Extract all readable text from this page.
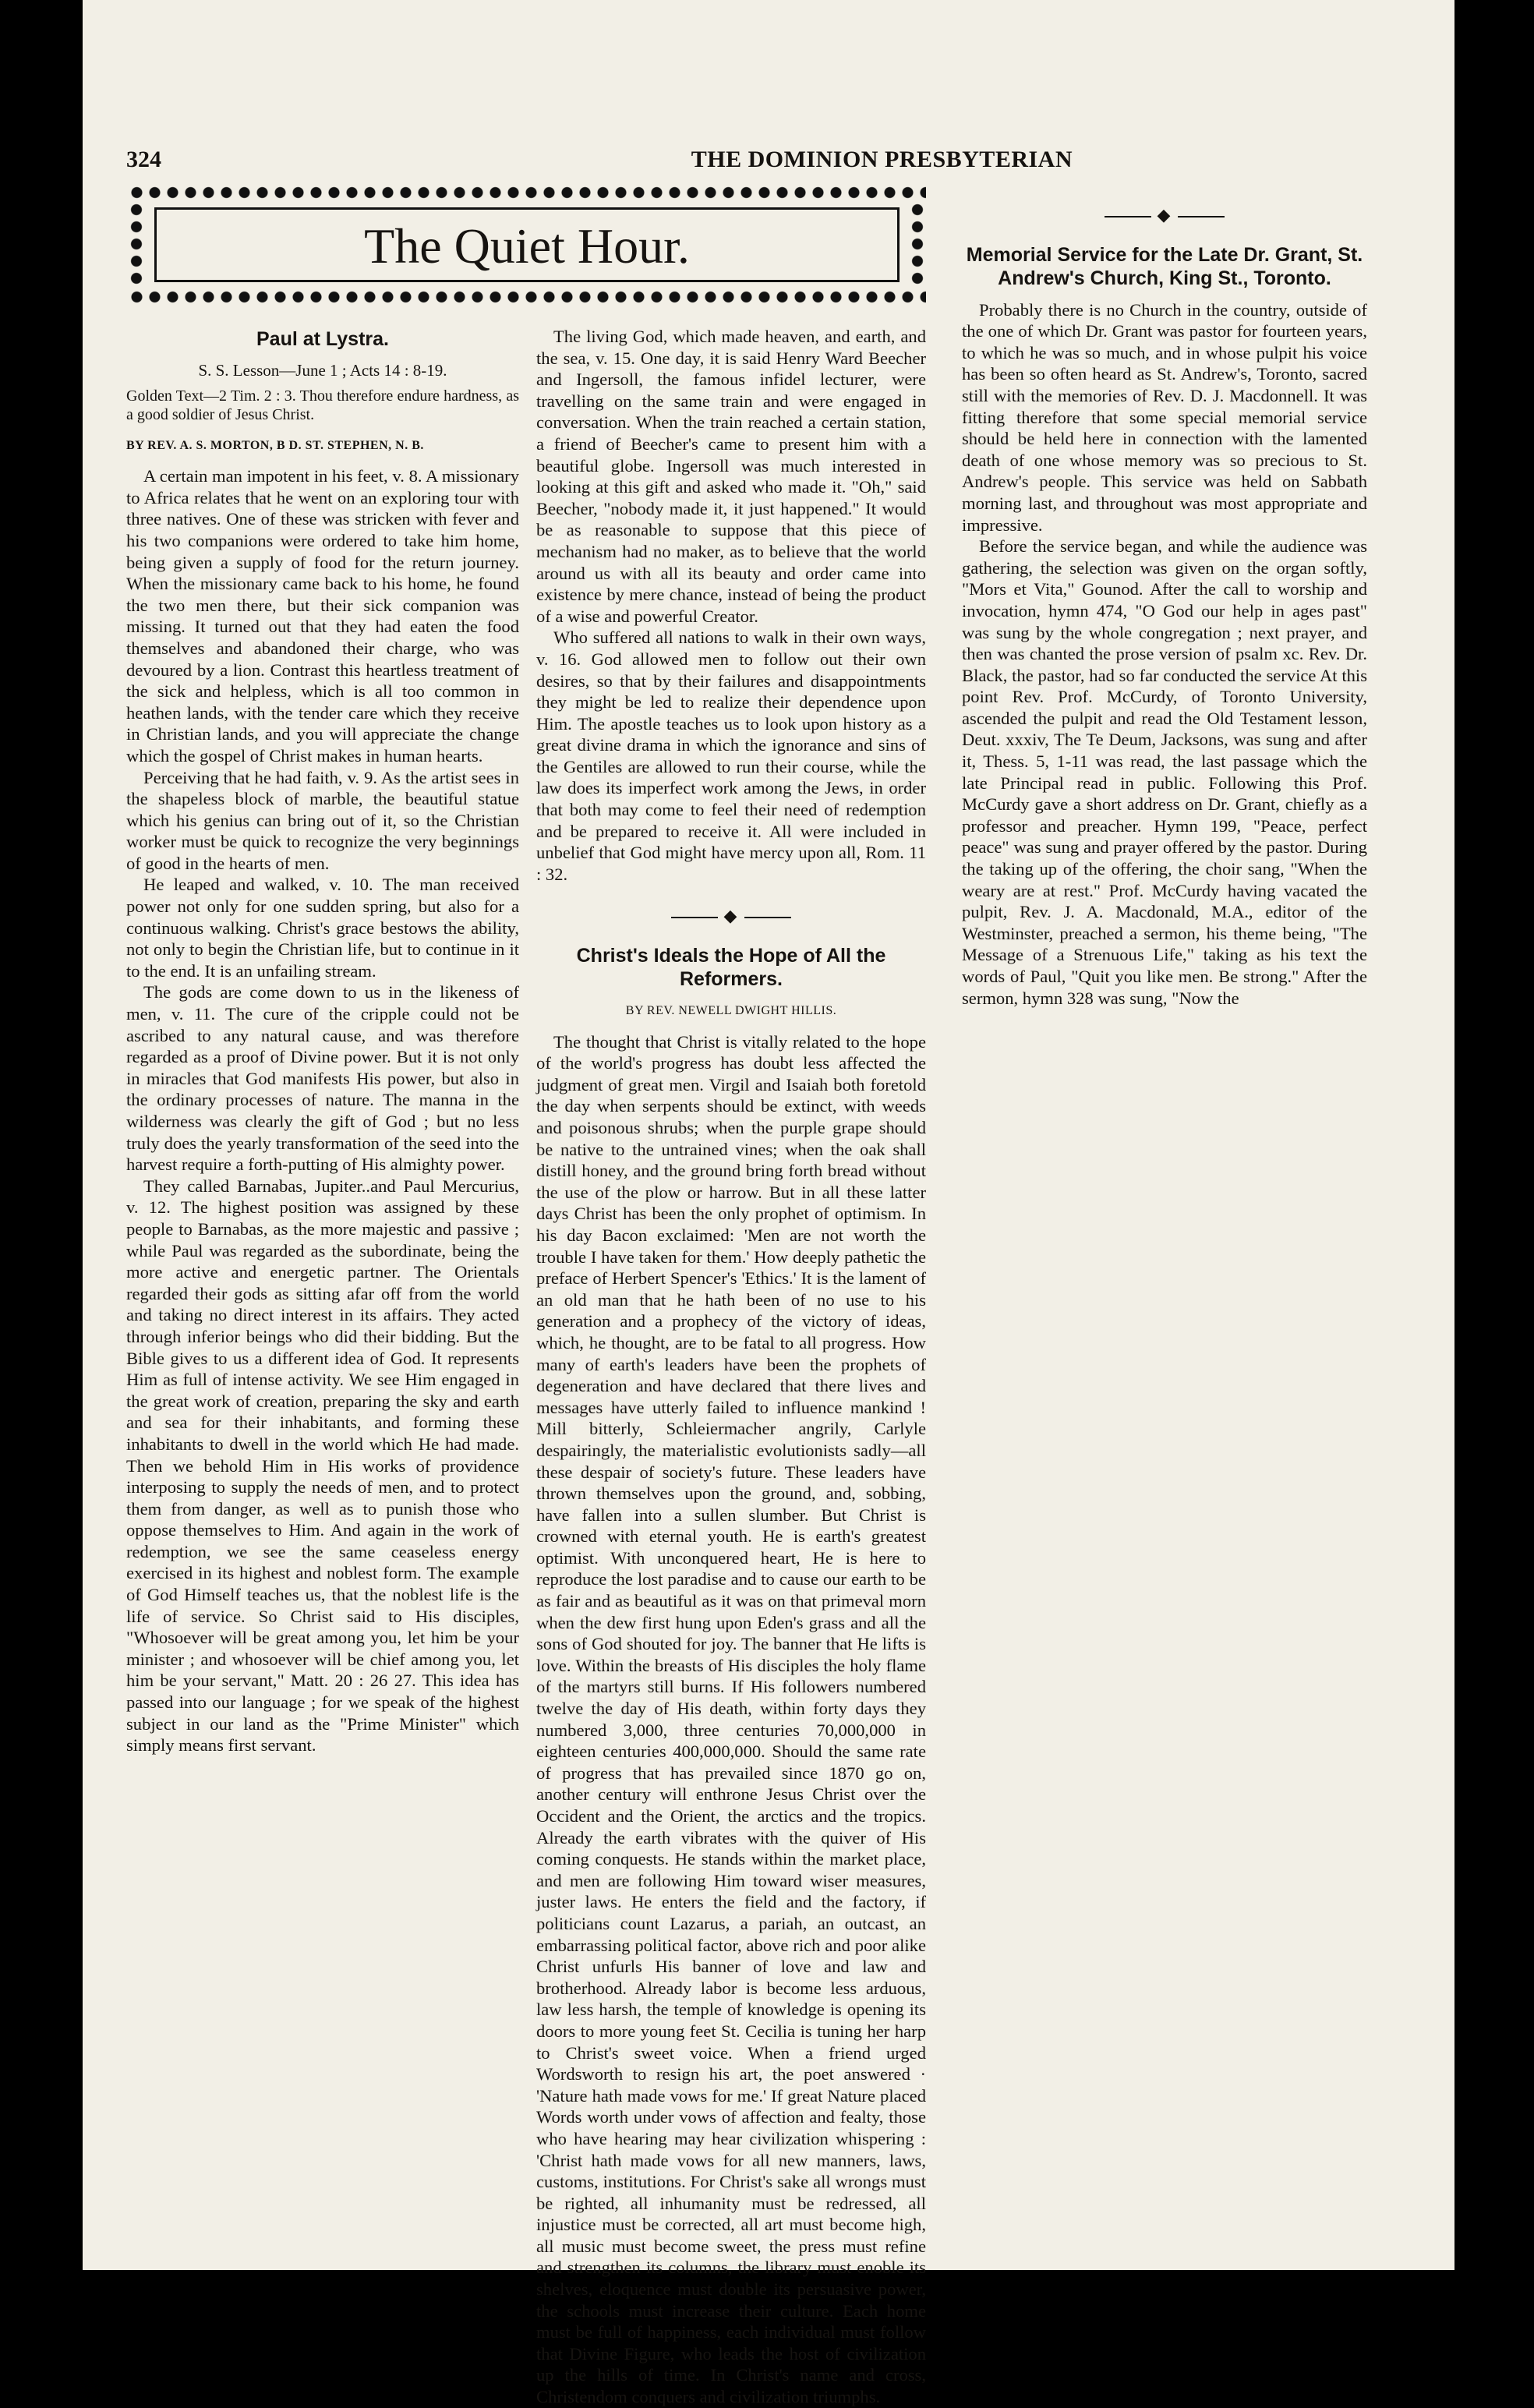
324	THE DOMINION PRESBYTERIAN
The Quiet Hour.
Paul at Lystra.
S. S. Lesson—June 1 ; Acts 14 : 8-19.
Golden Text—2 Tim. 2 : 3. Thou therefore endure hardness, as a good soldier of Jesus Christ.
BY REV. A. S. MORTON, B D. ST. STEPHEN, N. B.

A certain man impotent in his feet, v. 8. A missionary to Africa relates that he went on an exploring tour with three natives. One of these was stricken with fever and his two companions were ordered to take him home, being given a supply of food for the return journey. When the missionary came back to his home, he found the two men there, but their sick companion was missing. It turned out that they had eaten the food themselves and abandoned their charge, who was devoured by a lion. Contrast this heartless treatment of the sick and helpless, which is all too common in heathen lands, with the tender care which they receive in Christian lands, and you will appreciate the change which the gospel of Christ makes in human hearts.

Perceiving that he had faith, v. 9. As the artist sees in the shapeless block of marble, the beautiful statue which his genius can bring out of it, so the Christian worker must be quick to recognize the very beginnings of good in the hearts of men.

He leaped and walked, v. 10. The man received power not only for one sudden spring, but also for a continuous walking. Christ's grace bestows the ability, not only to begin the Christian life, but to continue in it to the end. It is an unfailing stream.

The gods are come down to us in the likeness of men, v. 11. The cure of the cripple could not be ascribed to any natural cause, and was therefore regarded as a proof of Divine power. But it is not only in miracles that God manifests His power, but also in the ordinary processes of nature. The manna in the wilderness was clearly the gift of God ; but no less truly does the yearly transformation of the seed into the harvest require a forth-putting of His almighty power.

They called Barnabas, Jupiter..and Paul Mercurius, v. 12. The highest position was assigned by these people to Barnabas, as the more majestic and passive ; while Paul was regarded as the subordinate, being the more active and energetic partner. The Orientals regarded their gods as sitting afar off from the world and taking no direct interest in its affairs. They acted through inferior beings who did their bidding. But the Bible gives to us a different idea of God. It represents Him as full of intense activity. We see Him engaged in the great work of creation, preparing the sky and earth and sea for their inhabitants, and forming these inhabitants to dwell in the world which He had made. Then we behold Him in His works of providence interposing to supply the needs of men, and to protect them from danger, as well as to punish those who oppose themselves to Him. And again in the work of redemption, we see the same ceaseless energy exercised in its highest and noblest form. The example of God Himself teaches us, that the noblest life is the life of service. So Christ said to His disciples, "Whosoever will be great among you, let him be your minister ; and whosoever will be chief among you, let him be your servant," Matt. 20 : 26 27. This idea has passed into our language ; for we speak of the highest subject in our land as the "Prime Minister" which simply means first servant.

The living God, which made heaven, and earth, and the sea, v. 15. One day, it is said Henry Ward Beecher and Ingersoll, the famous infidel lecturer, were travelling on the same train and were engaged in conversation. When the train reached a certain station, a friend of Beecher's came to present him with a beautiful globe. Ingersoll was much interested in looking at this gift and asked who made it. "Oh," said Beecher, "nobody made it, it just happened." It would be as reasonable to suppose that this piece of mechanism had no maker, as to believe that the world around us with all its beauty and order came into existence by mere chance, instead of being the product of a wise and powerful Creator.

Who suffered all nations to walk in their own ways, v. 16. God allowed men to follow out their own desires, so that by their failures and disappointments they might be led to realize their dependence upon Him. The apostle teaches us to look upon history as a great divine drama in which the ignorance and sins of the Gentiles are allowed to run their course, while the law does its imperfect work among the Jews, in order that both may come to feel their need of redemption and be prepared to receive it. All were included in unbelief that God might have mercy upon all, Rom. 11 : 32.

◆
Christ's Ideals the Hope of All the Reformers.
BY REV. NEWELL DWIGHT HILLIS.

The thought that Christ is vitally related to the hope of the world's progress has doubt less affected the judgment of great men. Virgil and Isaiah both foretold the day when serpents should be extinct, with weeds and poisonous shrubs; when the purple grape should be native to the untrained vines; when the oak shall distill honey, and the ground bring forth bread without the use of the plow or harrow. But in all these latter days Christ has been the only prophet of optimism. In his day Bacon exclaimed: 'Men are not worth the trouble I have taken for them.' How deeply pathetic the preface of Herbert Spencer's 'Ethics.' It is the lament of an old man that he hath been of no use to his generation and a prophecy of the victory of ideas, which, he thought, are to be fatal to all progress. How many of earth's leaders have been the prophets of degeneration and have declared that there lives and messages have utterly failed to influence mankind ! Mill bitterly, Schleiermacher angrily, Carlyle despairingly, the materialistic evolutionists sadly—all these despair of society's future. These leaders have thrown themselves upon the ground, and, sobbing, have fallen into a sullen slumber. But Christ is crowned with eternal youth. He is earth's greatest optimist. With unconquered heart, He is here to reproduce the lost paradise and to cause our earth to be as fair and as beautiful as it was on that primeval morn when the dew first hung upon Eden's grass and all the sons of God shouted for joy. The banner that He lifts is love. Within the breasts of His disciples the holy flame of the martyrs still burns. If His followers numbered twelve the day of His death, within forty days they numbered 3,000, three centuries 70,000,000 in eighteen centuries 400,000,000. Should the same rate of progress that has prevailed since 1870 go on, another century will enthrone Jesus Christ over the Occident and the Orient, the arctics and the tropics. Already the earth vibrates with the quiver of His coming conquests. He stands within the market place, and men are following Him toward wiser measures, juster laws. He enters the field and the factory, if politicians count Lazarus, a pariah, an outcast, an embarrassing political factor, above rich and poor alike Christ unfurls His banner of love and law and brotherhood. Already labor is become less arduous, law less harsh, the temple of knowledge is opening its doors to more young feet St. Cecilia is tuning her harp to Christ's sweet voice. When a friend urged Wordsworth to resign his art, the poet answered · 'Nature hath made vows for me.' If great Nature placed Words worth under vows of affection and fealty, those who have hearing may hear civilization whispering : 'Christ hath made vows for all new manners, laws, customs, institutions. For Christ's sake all wrongs must be righted, all inhumanity must be redressed, all injustice must be corrected, all art must become high, all music must become sweet, the press must refine and strengthen its columns, the library must enoble its shelves, eloquence must double its persuasive power, the schools must increase their culture. Each home must be full of happiness, each individual must follow that Divine Figure, who leads the host of civilization up the hills of time. In Christ's name and cross, Christendom conquers and civilization triumphs.

◆
Memorial Service for the Late Dr. Grant, St. Andrew's Church, King St., Toronto.

Probably there is no Church in the country, outside of the one of which Dr. Grant was pastor for fourteen years, to which he was so much, and in whose pulpit his voice has been so often heard as St. Andrew's, Toronto, sacred still with the memories of Rev. D. J. Macdonnell. It was fitting therefore that some special memorial service should be held here in connection with the lamented death of one whose memory was so precious to St. Andrew's people. This service was held on Sabbath morning last, and throughout was most appropriate and impressive.

Before the service began, and while the audience was gathering, the selection was given on the organ softly, "Mors et Vita," Gounod. After the call to worship and invocation, hymn 474, "O God our help in ages past" was sung by the whole congregation ; next prayer, and then was chanted the prose version of psalm xc. Rev. Dr. Black, the pastor, had so far conducted the service At this point Rev. Prof. McCurdy, of Toronto University, ascended the pulpit and read the Old Testament lesson, Deut. xxxiv, The Te Deum, Jacksons, was sung and after it, Thess. 5, 1-11 was read, the last passage which the late Principal read in public. Following this Prof. McCurdy gave a short address on Dr. Grant, chiefly as a professor and preacher. Hymn 199, "Peace, perfect peace" was sung and prayer offered by the pastor. During the taking up of the offering, the choir sang, "When the weary are at rest." Prof. McCurdy having vacated the pulpit, Rev. J. A. Macdonald, M.A., editor of the Westminster, preached a sermon, his theme being, "The Message of a Strenuous Life," taking as his text the words of Paul, "Quit you like men. Be strong." After the sermon, hymn 328 was sung, "Now the
